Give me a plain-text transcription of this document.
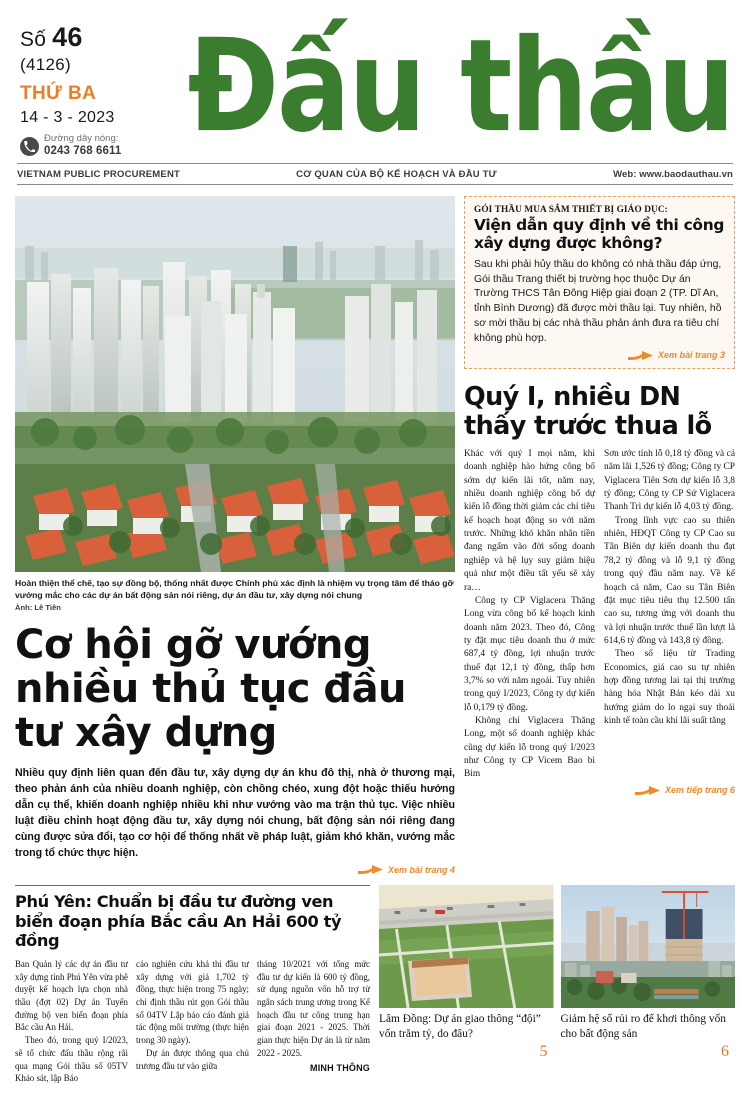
Số 46
(4126)
THỨ BA
14 - 3 - 2023
Đường dây nóng:
0243 768 6611 Đấu thầu
VIETNAM PUBLIC PROCUREMENT	CƠ QUAN CỦA BỘ KẾ HOẠCH VÀ ĐẦU TƯ	Web: www.baodauthau.vn
Hoàn thiện thể chế, tạo sự đồng bộ, thống nhất được Chính phủ xác định là nhiệm vụ trọng tâm để tháo gỡ vướng mắc cho các dự án bất động sản nói riêng, dự án đầu tư, xây dựng nói chung
Ảnh: Lê Tiên
Cơ hội gỡ vướng nhiều thủ tục đầu tư xây dựng

Nhiều quy định liên quan đến đầu tư, xây dựng dự án khu đô thị, nhà ở thương mại, theo phản ánh của nhiều doanh nghiệp, còn chồng chéo, xung đột hoặc thiếu hướng dẫn cụ thể, khiến doanh nghiệp nhiều khi như vướng vào ma trận thủ tục. Việc nhiều luật điều chỉnh hoạt động đầu tư, xây dựng nói chung, bất động sản nói riêng đang cùng được sửa đổi, tạo cơ hội để thống nhất về pháp luật, giảm khó khăn, vướng mắc trong tổ chức thực hiện.

Xem bài trang 4
GÓI THẦU MUA SẮM THIẾT BỊ GIÁO DỤC:
Viện dẫn quy định về thi công xây dựng được không?
Sau khi phải hủy thầu do không có nhà thầu đáp ứng, Gói thầu Trang thiết bị trường học thuộc Dự án Trường THCS Tân Đông Hiệp giai đoạn 2 (TP. Dĩ An, tỉnh Bình Dương) đã được mời thầu lại. Tuy nhiên, hồ sơ mời thầu bị các nhà thầu phản ánh đưa ra tiêu chí không phù hợp.
Xem bài trang 3
Quý I, nhiều DN thấy trước thua lỗ

Khác với quý I mọi năm, khi doanh nghiệp hào hứng công bố sớm dự kiến lãi tốt, năm nay, nhiều doanh nghiệp công bố dự kiến lỗ đồng thời giảm các chỉ tiêu kế hoạch hoạt động so với năm trước. Những khó khăn nhãn tiền đang ngấm vào đời sống doanh nghiệp và hệ lụy suy giảm hiệu quả như một điều tất yếu sẽ xảy ra…

Công ty CP Viglacera Thăng Long vừa công bố kế hoạch kinh doanh năm 2023. Theo đó, Công ty đặt mục tiêu doanh thu ở mức 687,4 tỷ đồng, lợi nhuận trước thuế đạt 12,1 tỷ đồng, thấp hơn 3,7% so với năm ngoái. Tuy nhiên trong quý I/2023, Công ty dự kiến lỗ 0,179 tỷ đồng.

Không chỉ Viglacera Thăng Long, một số doanh nghiệp khác cũng dự kiến lỗ trong quý I/2023 như Công ty CP Vicem Bao bì Bim

Sơn ước tính lỗ 0,18 tỷ đồng và cả năm lãi 1,526 tỷ đồng; Công ty CP Viglacera Tiên Sơn dự kiến lỗ 3,8 tỷ đồng; Công ty CP Sứ Viglacera Thanh Trì dự kiến lỗ 4,03 tỷ đồng.

Trong lĩnh vực cao su thiên nhiên, HĐQT Công ty CP Cao su Tân Biên dự kiến doanh thu đạt 78,2 tỷ đồng và lỗ 9,1 tỷ đồng trong quý đầu năm nay. Về kế hoạch cả năm, Cao su Tân Biên đặt mục tiêu tiêu thụ 12.500 tấn cao su, tương ứng với doanh thu và lợi nhuận trước thuế lần lượt là 614,6 tỷ đồng và 143,8 tỷ đồng.

Theo số liệu từ Trading Economics, giá cao su tự nhiên hợp đồng tương lai tại thị trường hàng hóa Nhật Bản kéo dài xu hướng giảm do lo ngại suy thoái kinh tế toàn cầu khi lãi suất tăng

Xem tiếp trang 6
Phú Yên: Chuẩn bị đầu tư đường ven biển đoạn phía Bắc cầu An Hải 600 tỷ đồng

Ban Quản lý các dự án đầu tư xây dựng tỉnh Phú Yên vừa phê duyệt kế hoạch lựa chọn nhà thầu (đợt 02) Dự án Tuyến đường bộ ven biển đoạn phía Bắc cầu An Hải.

Theo đó, trong quý I/2023, sẽ tổ chức đấu thầu rộng rãi qua mạng Gói thầu số 05TV Khảo sát, lập Báo

cáo nghiên cứu khả thi đầu tư xây dựng với giá 1,702 tỷ đồng, thực hiện trong 75 ngày; chỉ định thầu rút gọn Gói thầu số 04TV Lập báo cáo đánh giá tác động môi trường (thực hiện trong 30 ngày).

Dự án được thông qua chủ trương đầu tư vào giữa

tháng 10/2021 với tổng mức đầu tư dự kiến là 600 tỷ đồng, sử dụng nguồn vốn hỗ trợ từ ngân sách trung ương trong Kế hoạch đầu tư công trung hạn giai đoạn 2021 - 2025. Thời gian thực hiện Dự án là từ năm 2022 - 2025.

MINH THÔNG
Lâm Đồng: Dự án giao thông “đội” vốn trăm tỷ, do đâu?
5
Giảm hệ số rủi ro để khơi thông vốn cho bất động sản
6
